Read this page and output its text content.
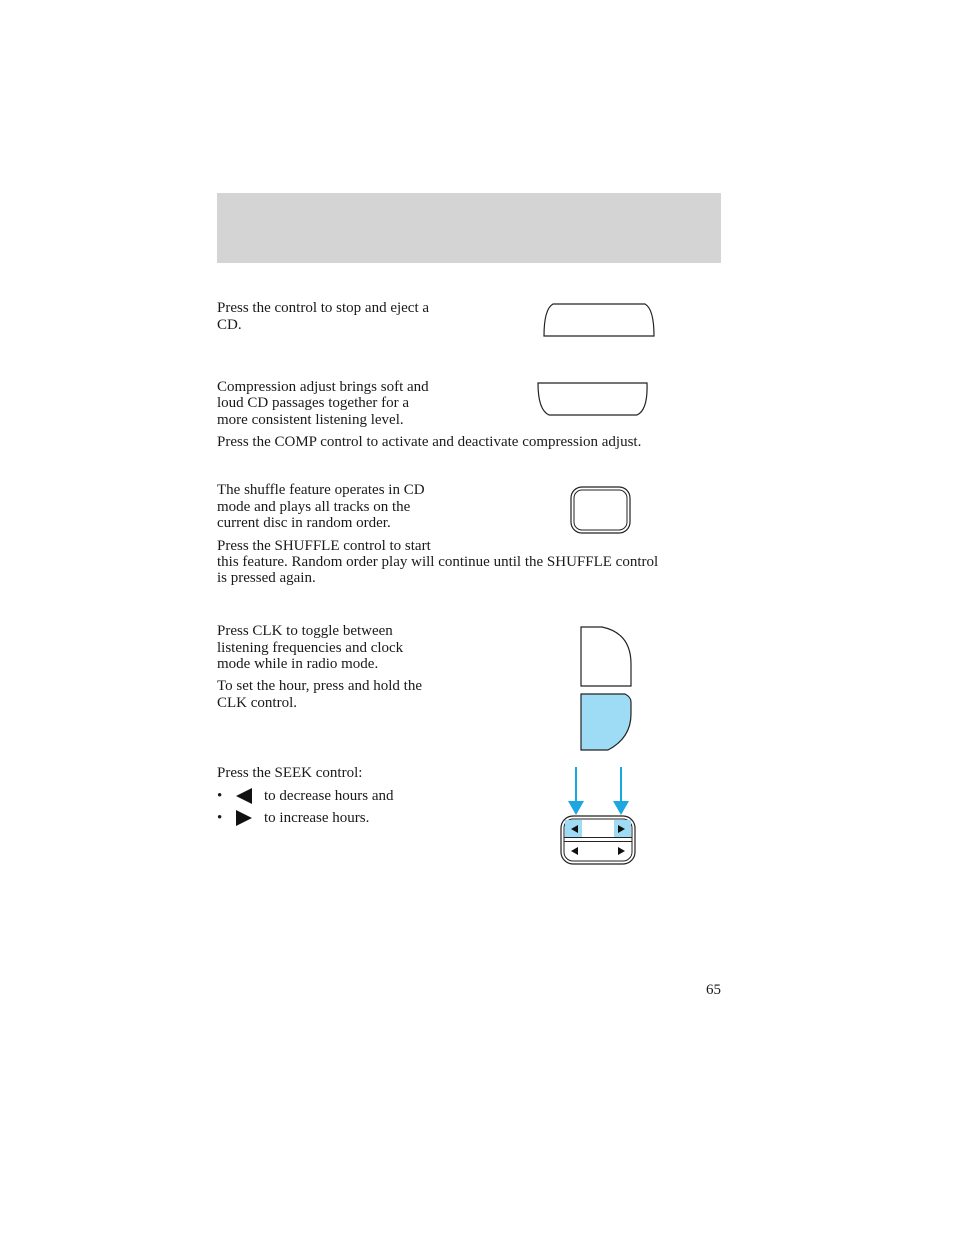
Press the control to stop and eject a

CD.

Compression adjust brings soft and

loud CD passages together for a

more consistent listening level.

Press the COMP control to activate and deactivate compression adjust.

The shuffle feature operates in CD

mode and plays all tracks on the

current disc in random order.

Press the SHUFFLE control to start

this feature. Random order play will continue until the SHUFFLE control

is pressed again.

Press CLK to toggle between

listening frequencies and clock

mode while in radio mode.

To set the hour, press and hold the

CLK control.

Press the SEEK control:

•	to decrease hours and
•	to increase hours.
65
